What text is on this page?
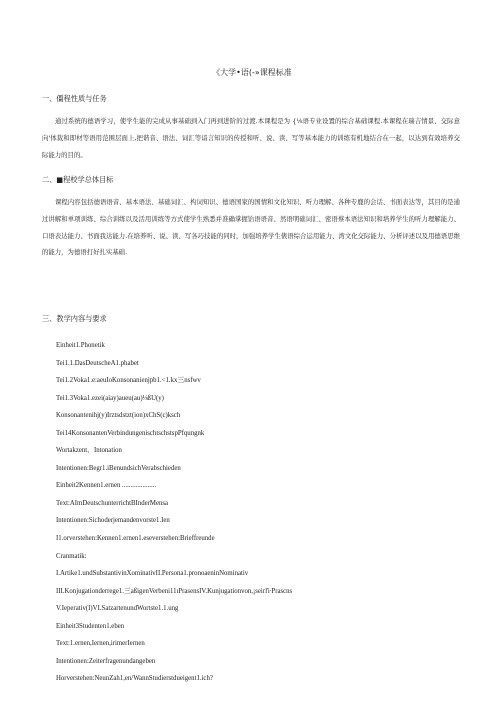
《大学•语(-»课程标准
一、僵程性质与任务

通过系统的德语学习，使学生能的完成从事基础到入门再到进阶的过渡.本课程是为 {⅛语专业设置的综合基础课程.本课程在瑞吉情景、交际意向'体裁和即材等语用范围层面上,把谐音、语法、词汇等谙言知识的传授和听、说、读、写等基本能力的训练有机地结合在一起，以达到有效培养交际能力的目的。

二、■程校学总体目标

课程内容包括德语语音、基本语法、基础词汇、构词知识、德语国家的国情和文化知识、听力理解、各种专鹿的会话、书面表达等，其目的是通过讲解和单项训练、综合训练以及活用训练等方式使学生熟悉并准确掌握饴语语音、然语明础词汇、密语蔡本语法知识和培养学生的听力理解能力、口语表达能力、书面我达能力.在培养听、说、读、写各巧技能的同时，加强培养学生俵语综合运用能力、湾文化交际能力、分析评述以及用德语思维的能力，为德语打好扎实基础.

三、教学内容与要求
Einheit1.Phonetik
Tei1.1.DasDeutscheA1.phabet
Tei1.2Voka1.e:aeuIoKonsonanienjpb1.<1.kx三nsfwv
Tei1.3Voka1.ezei(aiay)aueu(au)⅛ßU(y)
Konsonantenihj(y)Irztsdstzt(ion)xChS(c)ksch
Tei14KonsonantenVerbindungenischtschstspPfqungnk
Wortakzent、Intonation
Intentionen:Begr1.iBenundsichVerabschieden
Einheit2Kennen1.ernen ....................
Text:AImDeutschunterrichtBInderMensa
Intentionen:Sichoderjemandenvorste1.Ien
I1.orverstehen:Kennen1.ernen1.eseverstehen:Brieffreunde
Cranmatik:
I.Artike1.undSubstantivinXominativII.Persona1.pronoaeninNominativ
III.Konjugationderrege1.三aßigenVerbeni11ιPrasensIV.Kunjugationvon,¡seirľi∙Prascns
V.Ieperativ(I)VI.SatzartenundWortste1.1.ung
Einheit3Studenten1.eben
Text:1.ernen,Iernen,irimerIernen
Intentionen:Zeiterfragenundangeben
Horverstehen:NeunZah1,en/WannStudierstdueigent1.ich?
